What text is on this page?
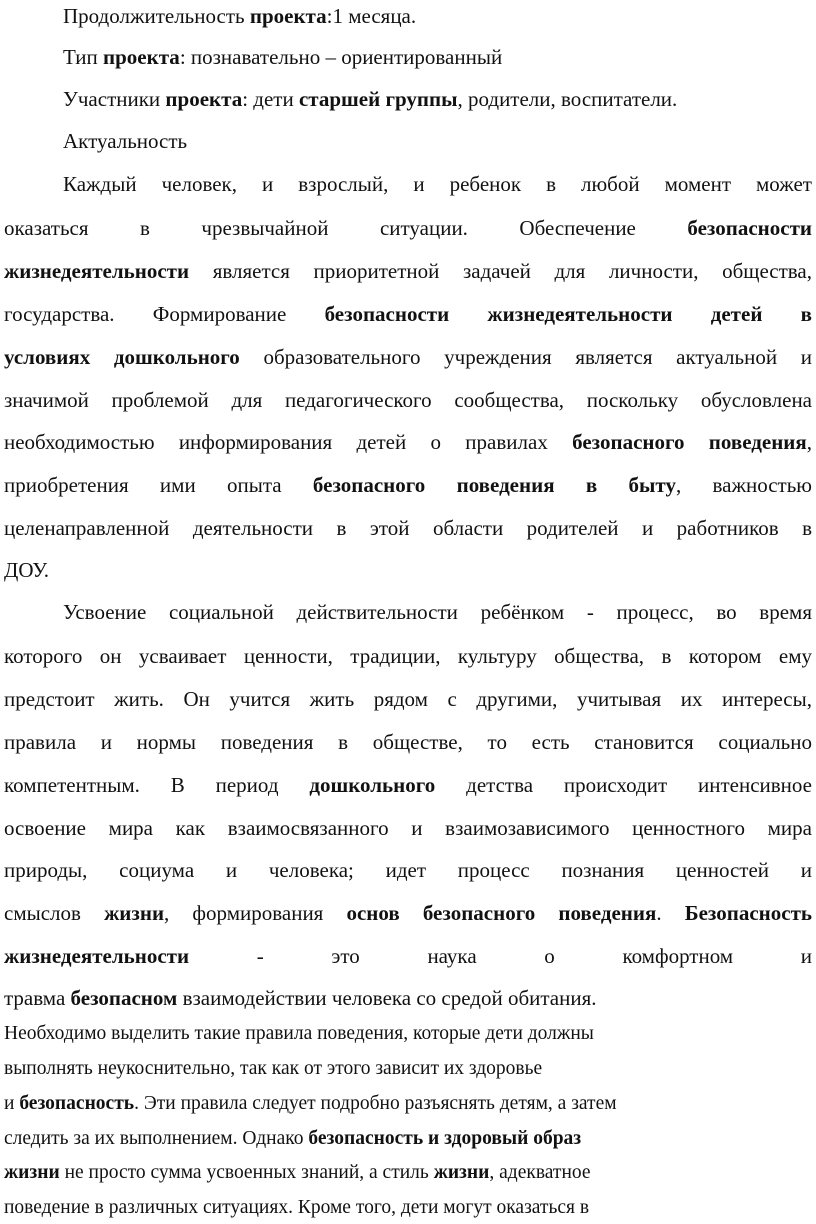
Продолжительность проекта:1 месяца.
Тип проекта: познавательно – ориентированный
Участники проекта: дети старшей группы, родители, воспитатели.
Актуальность
Каждый человек, и взрослый, и ребенок в любой момент может
оказаться в чрезвычайной ситуации. Обеспечение безопасности
жизнедеятельности является приоритетной задачей для личности, общества,
государства. Формирование безопасности жизнедеятельности детей в
условиях дошкольного образовательного учреждения является актуальной и
значимой проблемой для педагогического сообщества, поскольку обусловлена
необходимостью информирования детей о правилах безопасного поведения,
приобретения ими опыта безопасного поведения в быту, важностью
целенаправленной деятельности в этой области родителей и работников в
ДОУ.
Усвоение социальной действительности ребёнком - процесс, во время
которого он усваивает ценности, традиции, культуру общества, в котором ему
предстоит жить. Он учится жить рядом с другими, учитывая их интересы,
правила и нормы поведения в обществе, то есть становится социально
компетентным. В период дошкольного детства происходит интенсивное
освоение мира как взаимосвязанного и взаимозависимого ценностного мира
природы, социума и человека; идет процесс познания ценностей и
смыслов жизни, формирования основ безопасного поведения. Безопасность
жизнедеятельности - это наука о комфортном и
травма безопасном взаимодействии человека со средой обитания.
Необходимо выделить такие правила поведения, которые дети должны
выполнять неукоснительно, так как от этого зависит их здоровье
и безопасность. Эти правила следует подробно разъяснять детям, а затем
следить за их выполнением. Однако безопасность и здоровый образ
жизни не просто сумма усвоенных знаний, а стиль жизни, адекватное
поведение в различных ситуациях. Кроме того, дети могут оказаться в
